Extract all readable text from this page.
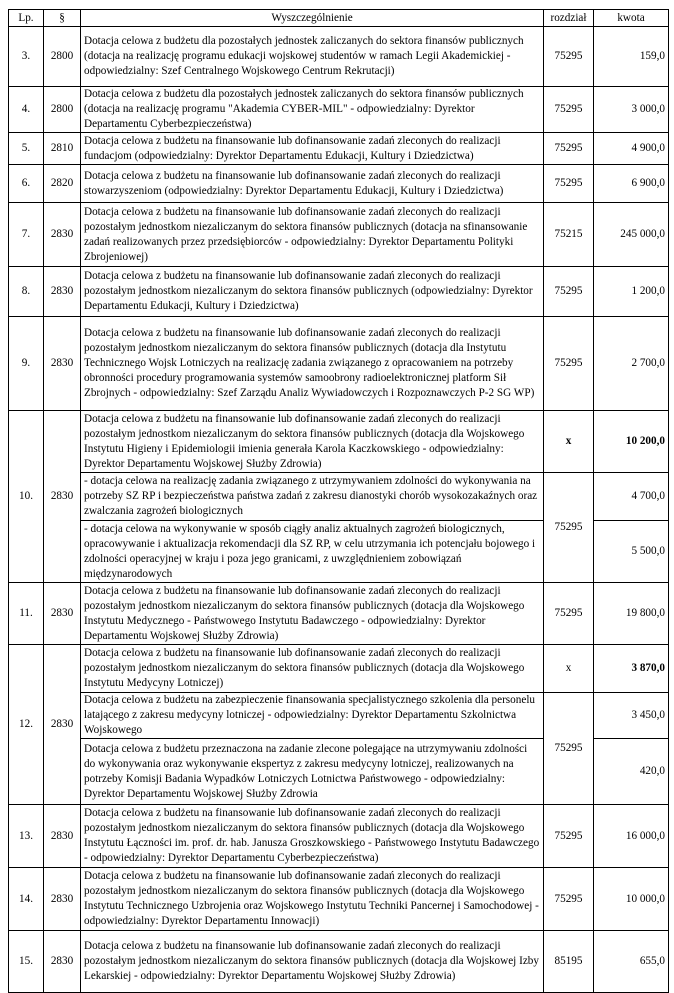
Lp.	§	Wyszczególnienie	rozdział	kwota
3.	2800	Dotacja celowa z budżetu dla pozostałych jednostek zaliczanych do sektora finansów publicznych (dotacja na realizację programu edukacji wojskowej studentów w ramach Legii Akademickiej - odpowiedzialny: Szef Centralnego Wojskowego Centrum Rekrutacji)	75295	159,0
4.	2800	Dotacja celowa z budżetu dla pozostałych jednostek zaliczanych do sektora finansów publicznych (dotacja na realizację programu "Akademia CYBER-MIL" - odpowiedzialny: Dyrektor Departamentu Cyberbezpieczeństwa)	75295	3 000,0
5.	2810	Dotacja celowa z budżetu na finansowanie lub dofinansowanie zadań zleconych do realizacji fundacjom (odpowiedzialny: Dyrektor Departamentu Edukacji, Kultury i Dziedzictwa)	75295	4 900,0
6.	2820	Dotacja celowa z budżetu na finansowanie lub dofinansowanie zadań zleconych do realizacji stowarzyszeniom (odpowiedzialny: Dyrektor Departamentu Edukacji, Kultury i Dziedzictwa)	75295	6 900,0
7.	2830	Dotacja celowa z budżetu na finansowanie lub dofinansowanie zadań zleconych do realizacji pozostałym jednostkom niezaliczanym do sektora finansów publicznych (dotacja na sfinansowanie zadań realizowanych przez przedsiębiorców - odpowiedzialny: Dyrektor Departamentu Polityki Zbrojeniowej)	75215	245 000,0
8.	2830	Dotacja celowa z budżetu na finansowanie lub dofinansowanie zadań zleconych do realizacji pozostałym jednostkom niezaliczanym do sektora finansów publicznych (odpowiedzialny: Dyrektor Departamentu Edukacji, Kultury i Dziedzictwa)	75295	1 200,0
9.	2830	Dotacja celowa z budżetu na finansowanie lub dofinansowanie zadań zleconych do realizacji pozostałym jednostkom niezaliczanym do sektora finansów publicznych (dotacja dla Instytutu Technicznego Wojsk Lotniczych na realizację zadania związanego z opracowaniem na potrzeby obronności procedury programowania systemów samoobrony radioelektronicznej platform Sił Zbrojnych - odpowiedzialny: Szef Zarządu Analiz Wywiadowczych i Rozpoznawczych P-2 SG WP)	75295	2 700,0
10.	2830	Dotacja celowa z budżetu na finansowanie lub dofinansowanie zadań zleconych do realizacji pozostałym jednostkom niezaliczanym do sektora finansów publicznych (dotacja dla Wojskowego Instytutu Higieny i Epidemiologii imienia generała Karola Kaczkowskiego - odpowiedzialny: Dyrektor Departamentu Wojskowej Służby Zdrowia)	x	10 200,0
		- dotacja celowa na realizację zadania związanego z utrzymywaniem zdolności do wykonywania na potrzeby SZ RP i bezpieczeństwa państwa zadań z zakresu dianostyki chorób wysokozakaźnych oraz zwalczania zagrożeń biologicznych	75295	4 700,0
		- dotacja celowa na wykonywanie w sposób ciągły analiz aktualnych zagrożeń biologicznych, opracowywanie i aktualizacja rekomendacji dla SZ RP, w celu utrzymania ich potencjału bojowego i zdolności operacyjnej w kraju i poza jego granicami, z uwzględnieniem zobowiązań międzynarodowych		5 500,0
11.	2830	Dotacja celowa z budżetu na finansowanie lub dofinansowanie zadań zleconych do realizacji pozostałym jednostkom niezaliczanym do sektora finansów publicznych (dotacja dla Wojskowego Instytutu Medycznego - Państwowego Instytutu Badawczego - odpowiedzialny: Dyrektor Departamentu Wojskowej Służby Zdrowia)	75295	19 800,0
12.	2830	Dotacja celowa z budżetu na finansowanie lub dofinansowanie zadań zleconych do realizacji pozostałym jednostkom niezaliczanym do sektora finansów publicznych (dotacja dla Wojskowego Instytutu Medycyny Lotniczej)	x	3 870,0
		Dotacja celowa z budżetu na zabezpieczenie finansowania specjalistycznego szkolenia dla personelu latającego z zakresu medycyny lotniczej - odpowiedzialny: Dyrektor Departamentu Szkolnictwa Wojskowego	75295	3 450,0
		Dotacja celowa z budżetu przeznaczona na zadanie zlecone polegające na utrzymywaniu zdolności do wykonywania oraz wykonywanie ekspertyz z zakresu medycyny lotniczej, realizowanych na potrzeby Komisji Badania Wypadków Lotniczych Lotnictwa Państwowego - odpowiedzialny: Dyrektor Departamentu Wojskowej Służby Zdrowia		420,0
13.	2830	Dotacja celowa z budżetu na finansowanie lub dofinansowanie zadań zleconych do realizacji pozostałym jednostkom niezaliczanym do sektora finansów publicznych (dotacja dla Wojskowego Instytutu Łączności im. prof. dr. hab. Janusza Groszkowskiego - Państwowego Instytutu Badawczego - odpowiedzialny: Dyrektor Departamentu Cyberbezpieczeństwa)	75295	16 000,0
14.	2830	Dotacja celowa z budżetu na finansowanie lub dofinansowanie zadań zleconych do realizacji pozostałym jednostkom niezaliczanym do sektora finansów publicznych (dotacja dla Wojskowego Instytutu Technicznego Uzbrojenia oraz Wojskowego Instytutu Techniki Pancernej i Samochodowej - odpowiedzialny: Dyrektor Departamentu Innowacji)	75295	10 000,0
15.	2830	Dotacja celowa z budżetu na finansowanie lub dofinansowanie zadań zleconych do realizacji pozostałym jednostkom niezaliczanym do sektora finansów publicznych (dotacja dla Wojskowej Izby Lekarskiej - odpowiedzialny: Dyrektor Departamentu Wojskowej Służby Zdrowia)	85195	655,0
